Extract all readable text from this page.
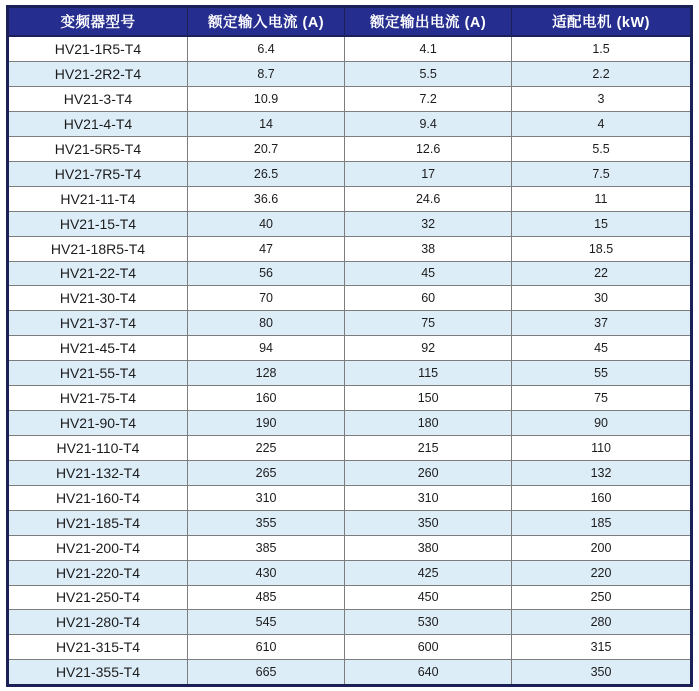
变频器型号	额定输入电流 (A)	额定输出电流 (A)	适配电机 (kW)
HV21-1R5-T4	6.4	4.1	1.5
HV21-2R2-T4	8.7	5.5	2.2
HV21-3-T4	10.9	7.2	3
HV21-4-T4	14	9.4	4
HV21-5R5-T4	20.7	12.6	5.5
HV21-7R5-T4	26.5	17	7.5
HV21-11-T4	36.6	24.6	11
HV21-15-T4	40	32	15
HV21-18R5-T4	47	38	18.5
HV21-22-T4	56	45	22
HV21-30-T4	70	60	30
HV21-37-T4	80	75	37
HV21-45-T4	94	92	45
HV21-55-T4	128	115	55
HV21-75-T4	160	150	75
HV21-90-T4	190	180	90
HV21-110-T4	225	215	110
HV21-132-T4	265	260	132
HV21-160-T4	310	310	160
HV21-185-T4	355	350	185
HV21-200-T4	385	380	200
HV21-220-T4	430	425	220
HV21-250-T4	485	450	250
HV21-280-T4	545	530	280
HV21-315-T4	610	600	315
HV21-355-T4	665	640	350
